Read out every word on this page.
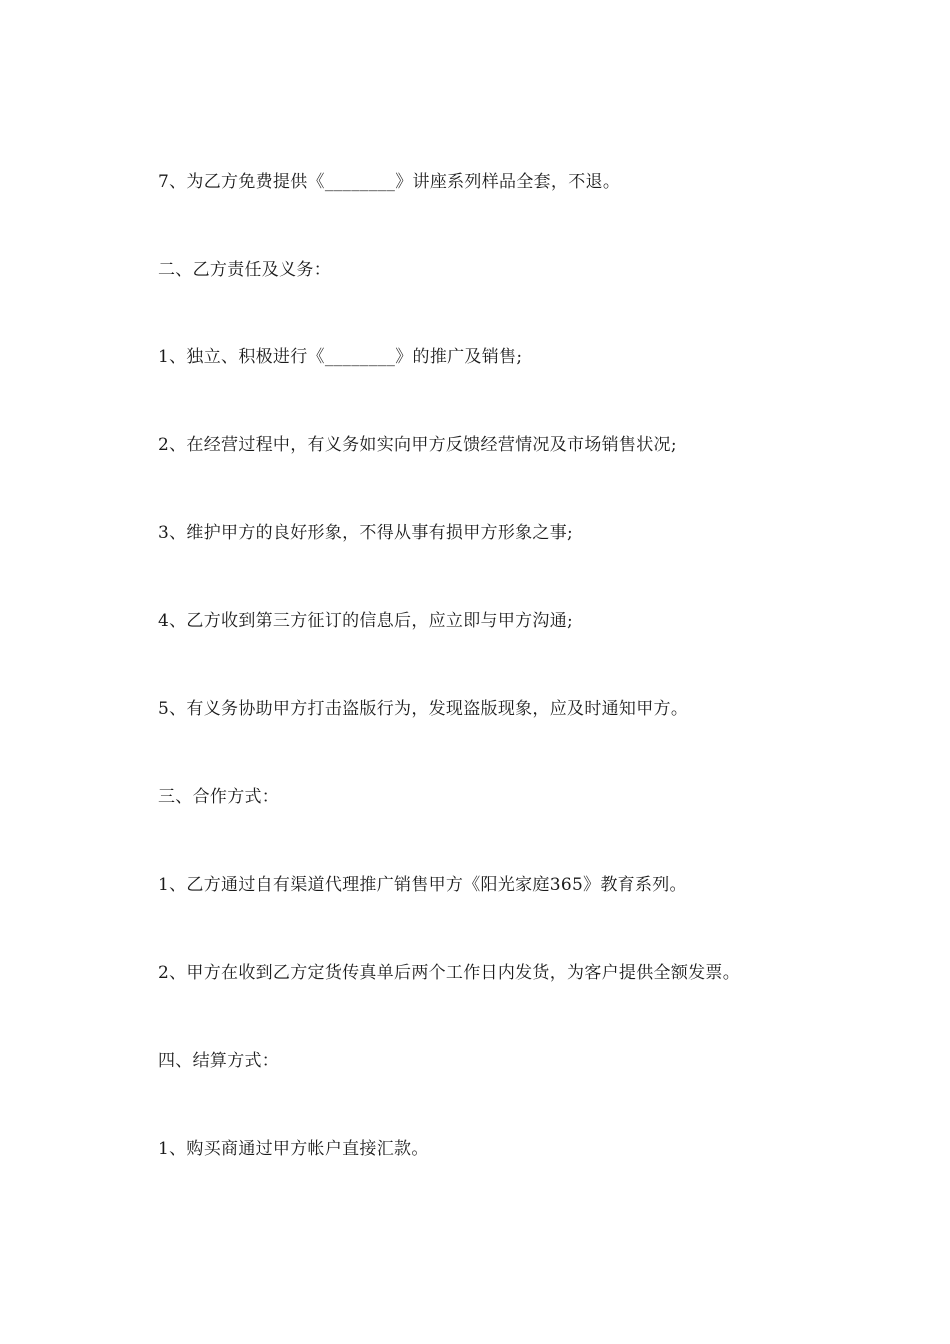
7、为乙方免费提供《________》讲座系列样品全套，不退。

二、乙方责任及义务：

1、独立、积极进行《________》的推广及销售;

2、在经营过程中，有义务如实向甲方反馈经营情况及市场销售状况;

3、维护甲方的良好形象，不得从事有损甲方形象之事;

4、乙方收到第三方征订的信息后，应立即与甲方沟通;

5、有义务协助甲方打击盗版行为，发现盗版现象，应及时通知甲方。

三、合作方式：

1、乙方通过自有渠道代理推广销售甲方《阳光家庭365》教育系列。

2、甲方在收到乙方定货传真单后两个工作日内发货，为客户提供全额发票。

四、结算方式：

1、购买商通过甲方帐户直接汇款。
